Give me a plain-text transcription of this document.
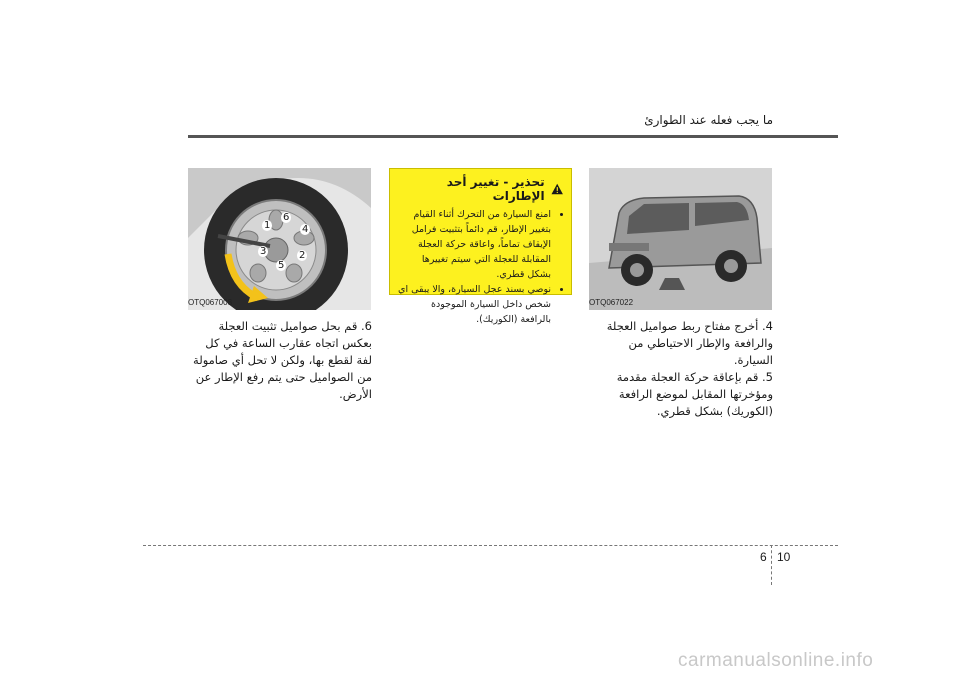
ما يجب فعله عند الطوارئ
1
2
3
4
5
6
OTQ067008
تحذير - تغيير أحد الإطارات
• امنع السيارة من التحرك أثناء القيام بتغيير الإطار، قم دائماً بتثبيت فرامل الإيقاف تماماً، واعاقة حركة العجلة المقابلة للعجلة التي سيتم تغييرها بشكل قطري.
• نوصي بسند عجل السيارة، والا يبقى اي شخص داخل السيارة الموجودة بالرافعة (الكوريك).
OTQ067022

6. قم بحل صواميل تثبيت العجلة بعكس اتجاه عقارب الساعة في كل لفة لقطع بها، ولكن لا تحل أي صامولة من الصواميل حتى يتم رفع الإطار عن الأرض.

4. أخرج مفتاح ربط صواميل العجلة والرافعة والإطار الاحتياطي من السيارة.

5. قم بإعاقة حركة العجلة مقدمة ومؤخرتها المقابل لموضع الرافعة (الكوريك) بشكل قطري.

6 10
carmanualsonline.info
